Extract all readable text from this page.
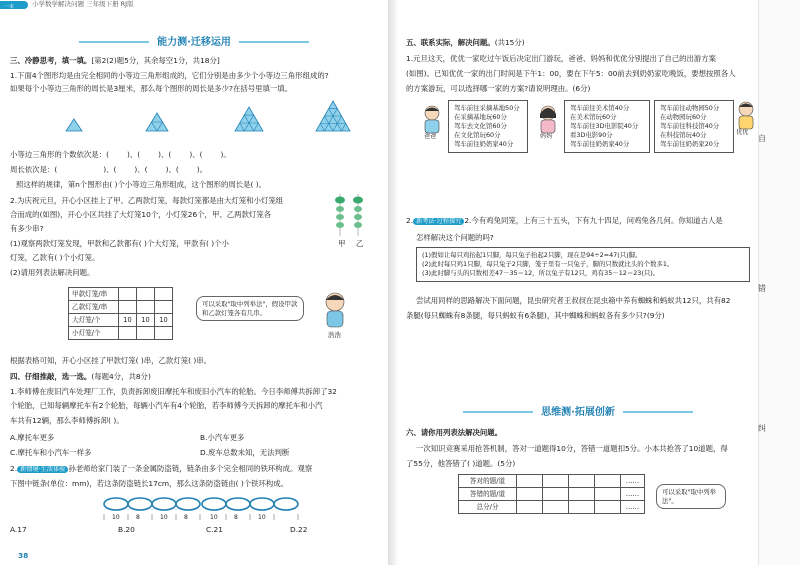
一本	小学数学解决问题 三年级下册 RJ版
能力测·迁移运用
三、冷静思考，填一填。[第2(2)题5分，其余每空1分，共18分]
1.下面4个图形均是由完全相同的小等边三角形组成的，它们分别是由多少个小等边三角形组成的?
如果每个小等边三角形的周长是3厘米，那么每个图形的周长是多少?在括号里填一填。
小等边三角形的个数依次是：( )、( )、( )、( )。
周长依次是：(	)、( )、( )、( )。
照这样的规律，第n个图形由( )个小等边三角形组成，这个图形的周长是( )。
2.为庆祝元旦，开心小区挂上了甲、乙两款灯笼，每款灯笼都是由大灯笼和小灯笼组
合而成的(如图)，开心小区共挂了大灯笼10个，小灯笼26个，甲、乙两款灯笼各
有多少串?
(1)观察两款灯笼发现，甲款和乙款都有( )个大灯笼，甲款有( )个小
灯笼，乙款有( )个小灯笼。
(2)请用列表法解决问题。
甲 乙
甲款灯笼/串			
乙款灯笼/串			
大灯笼/个	10	10	10
小灯笼/个			
可以采取"取中列举法"，假设甲款和乙款灯笼各有几串。
浩浩
根据表格可知，开心小区挂了甲款灯笼( )串，乙款灯笼( )串。
四、仔细推敲，选一选。(每题4分，共8分)
1.李师傅在废旧汽车处理厂工作，负责拆卸废旧摩托车和废旧小汽车的轮胎。今日李师傅共拆卸了32
个轮胎，已知每辆摩托车有2个轮胎，每辆小汽车有4个轮胎，若李师傅今天拆卸的摩托车和小汽
车共有12辆，那么李师傅拆卸( )。
A.摩托车更多	B.小汽车更多
C.摩托车和小汽车一样多	D.废车总数未知，无法判断
2. 新情境·生活体验 孙老师给家门装了一条金属防盗链，链条由多个完全相同的铁环构成。观察
下图中链条(单位：mm)，若这条防盗链长17cm，那么这条防盗链由( )个铁环构成。
10	8	10	8	10	8	10
A.17	B.20	C.21	D.22
38
五、联系实际，解决问题。(共15分)
1.元旦这天，优优一家吃过午饭后决定出门游玩，爸爸、妈妈和优优分别提出了自己的出游方案
(如图)。已知优优一家的出门时间是下午1：00，要在下午5：00前去到奶奶家吃晚饭，要想按照各人
的方案游玩，可以选择哪一家的方案?请说明理由。(6分)
爸爸
驾车前往采摘基地50分
在采摘基地玩60分
驾车去文化馆60分
在文化馆玩60分
驾车前往奶奶家40分
妈妈
驾车前往美术馆40分
在美术馆玩60分
驾车前往3D电影院40分
看3D电影90分
驾车前往奶奶家40分
驾车前往动物园50分
在动物园玩60分
驾车前往科技馆40分
在科技馆玩40分
驾车前往奶奶家20分
优优
2. 新考法·过程探究 2.今有鸡兔同笼，上有三十五头，下有九十四足，问鸡兔各几何。你知道古人是
怎样解决这个问题的吗?
(1)假如让每只鸡抬起1只脚，每只兔子抬起2只脚，现在是94÷2=47(只)脚。
(2)此时每只鸡1只脚，每只兔子2只脚，笼子里有一只兔子，脚的只数就比头的个数多1。
(3)此时脚与头的只数相差47－35＝12，所以兔子有12只，鸡有35－12＝23(只)。
尝试用同样的思路解决下面问题，昆虫研究者王叔叔在昆虫箱中养有蜘蛛和蚂蚁共12只，共有82
条腿(每只蜘蛛有8条腿，每只蚂蚁有6条腿)，其中蜘蛛和蚂蚁各有多少只?(9分)
思维测·拓展创新
六、请你用列表法解决问题。
一次知识竞赛采用抢答机制，答对一道题得10分，答错一道题扣5分。小本共抢答了10道题，得
了55分，他答错了( )道题。(5分)
答对的题/道					……
答错的题/道					……
总分/分					……
可以采取"取中列举法"。
自
错
纠
